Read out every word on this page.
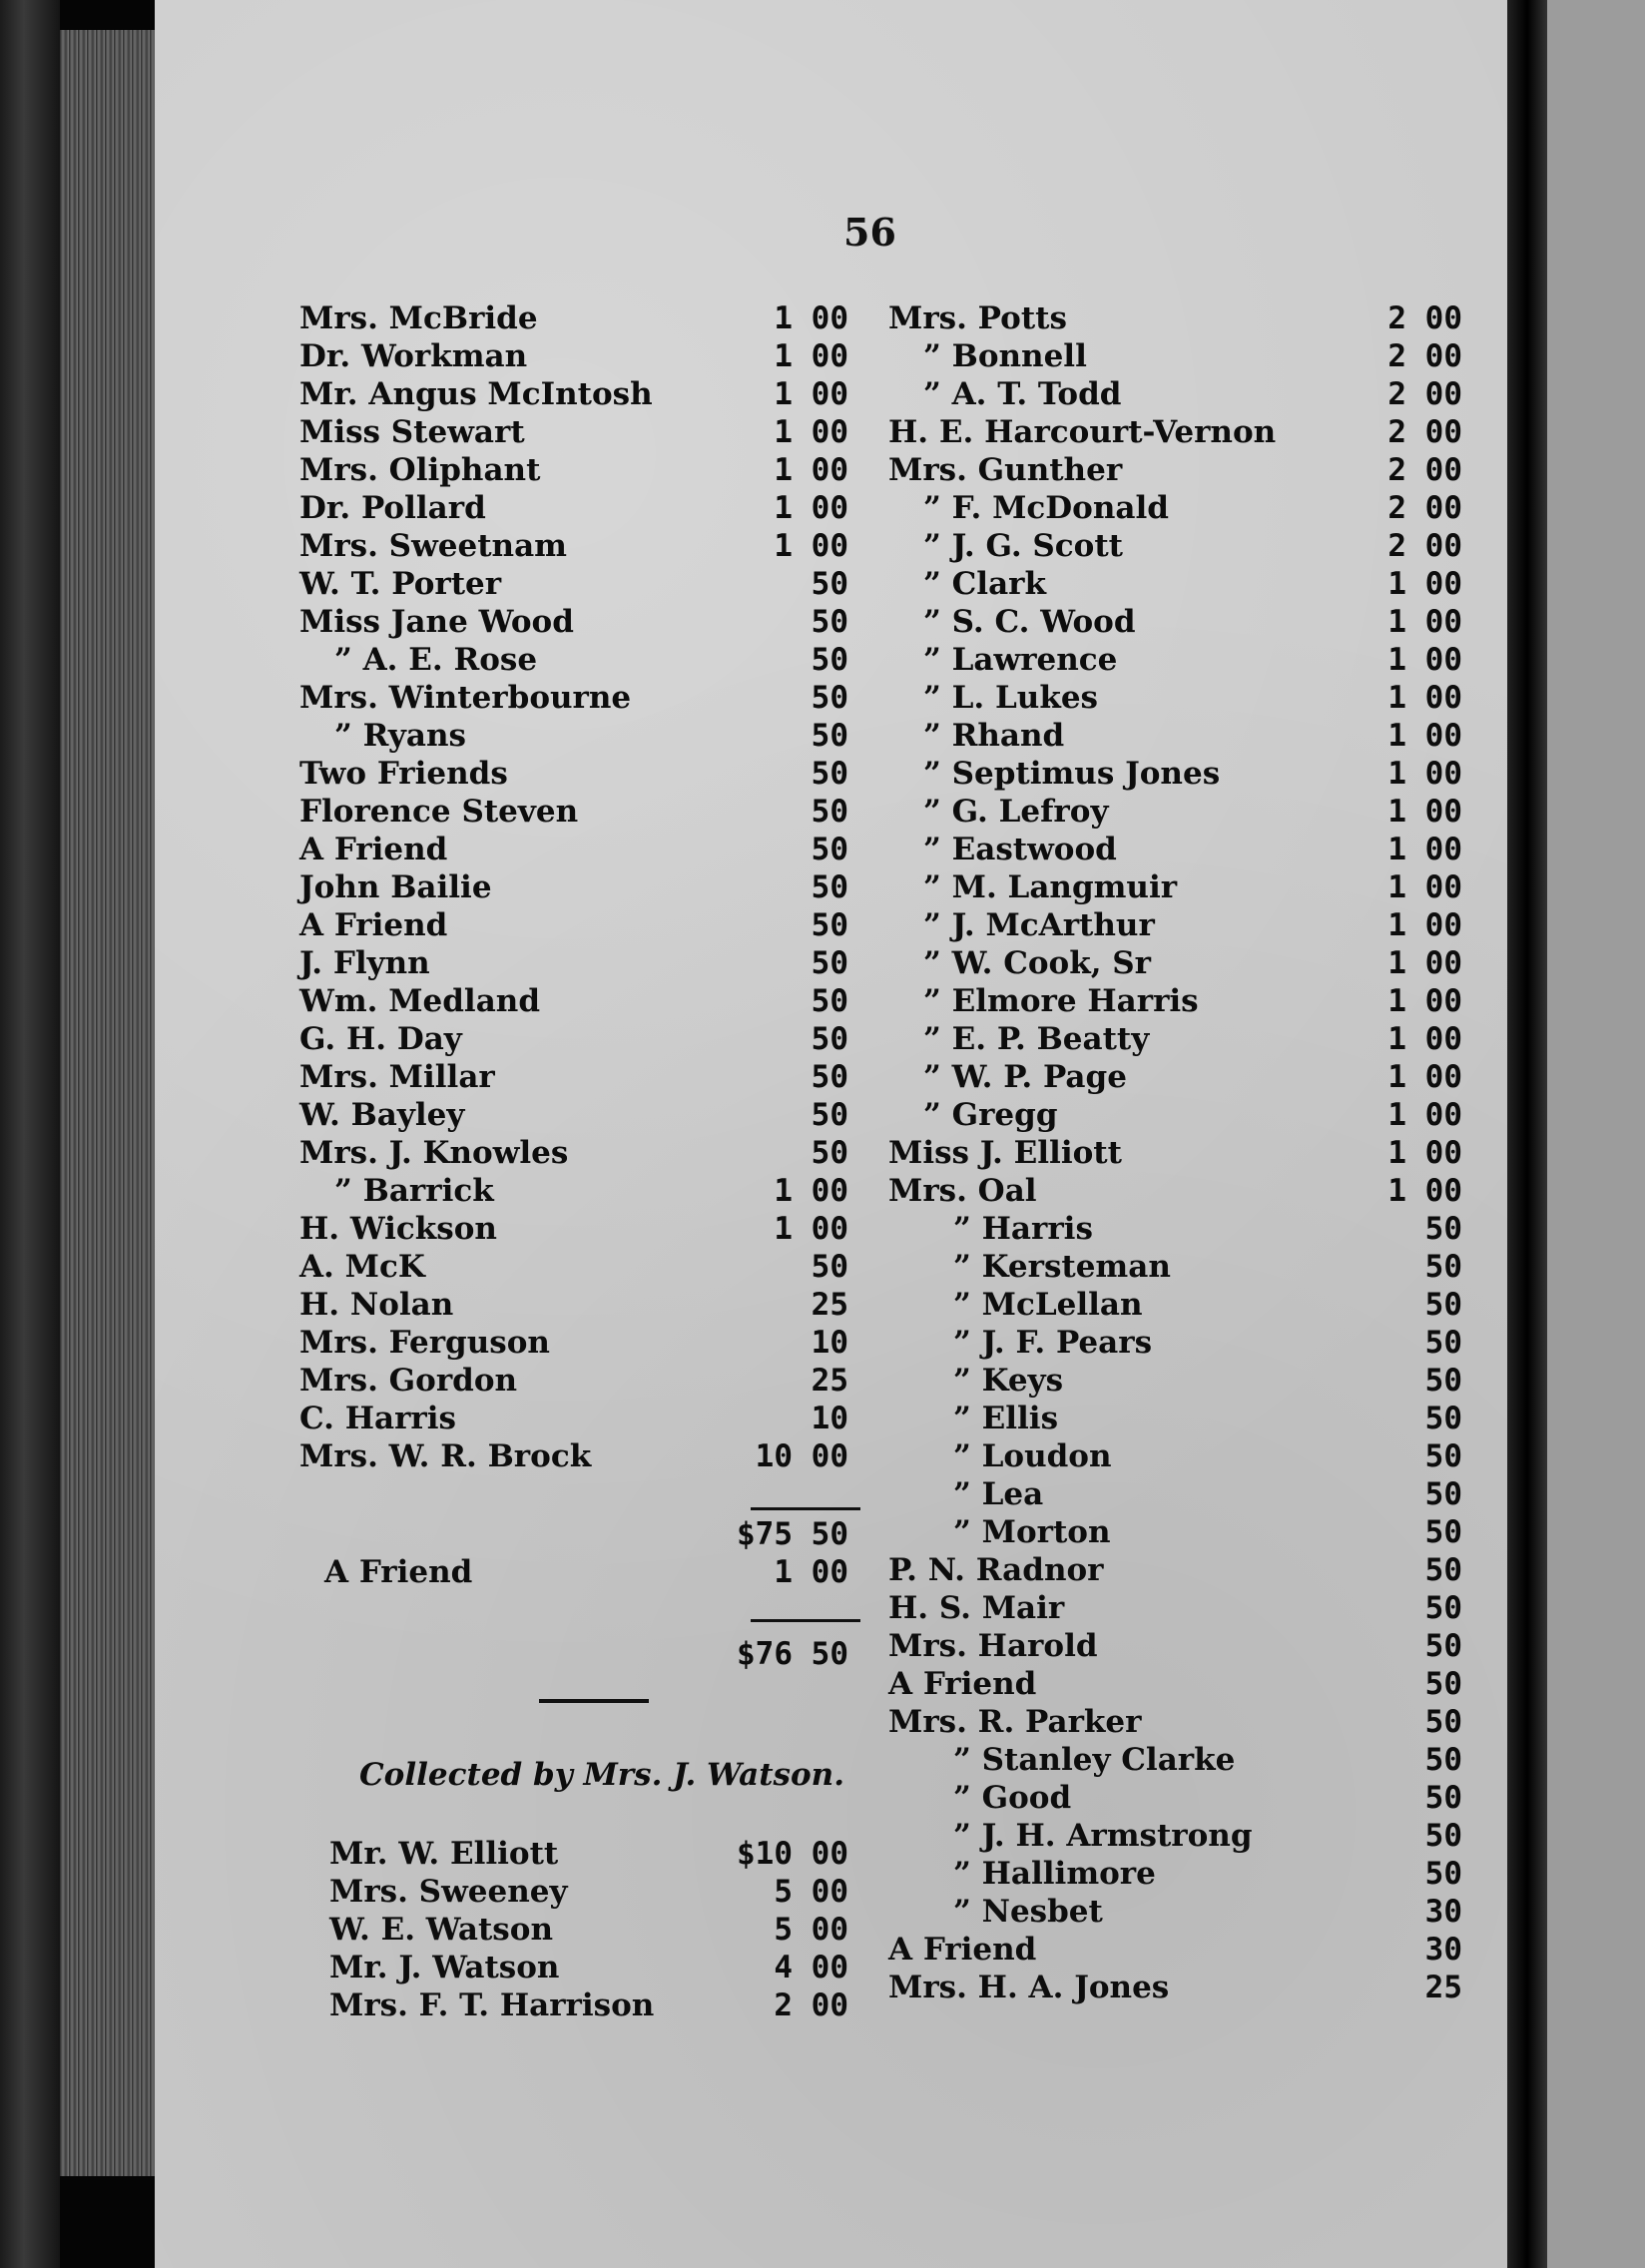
56
Mrs. McBride	1 00
Dr. Workman	1 00
Mr. Angus McIntosh	1 00
Miss Stewart	1 00
Mrs. Oliphant	1 00
Dr. Pollard	1 00
Mrs. Sweetnam	1 00
W. T. Porter	50
Miss Jane Wood	50
” A. E. Rose	50
Mrs. Winterbourne	50
” Ryans	50
Two Friends	50
Florence Steven	50
A Friend	50
John Bailie	50
A Friend	50
J. Flynn	50
Wm. Medland	50
G. H. Day	50
Mrs. Millar	50
W. Bayley	50
Mrs. J. Knowles	50
” Barrick	1 00
H. Wickson	1 00
A. McK	50
H. Nolan	25
Mrs. Ferguson	10
Mrs. Gordon	25
C. Harris	10
Mrs. W. R. Brock	10 00
Mrs. Potts	2 00
” Bonnell	2 00
” A. T. Todd	2 00
H. E. Harcourt-Vernon	2 00
Mrs. Gunther	2 00
” F. McDonald	2 00
” J. G. Scott	2 00
” Clark	1 00
” S. C. Wood	1 00
” Lawrence	1 00
” L. Lukes	1 00
” Rhand	1 00
” Septimus Jones	1 00
” G. Lefroy	1 00
” Eastwood	1 00
” M. Langmuir	1 00
” J. McArthur	1 00
” W. Cook, Sr	1 00
” Elmore Harris	1 00
” E. P. Beatty	1 00
” W. P. Page	1 00
” Gregg	1 00
Miss J. Elliott	1 00
Mrs. Oal	1 00
” Harris	50
” Kersteman	50
” McLellan	50
” J. F. Pears	50
” Keys	50
” Ellis	50
” Loudon	50
” Lea	50
” Morton	50
P. N. Radnor	50
H. S. Mair	50
Mrs. Harold	50
A Friend	50
Mrs. R. Parker	50
” Stanley Clarke	50
” Good	50
” J. H. Armstrong	50
” Hallimore	50
” Nesbet	30
A Friend	30
Mrs. H. A. Jones	25
$75 50
A Friend	1 00
$76 50
Collected by Mrs. J. Watson.
Mr. W. Elliott	$10 00
Mrs. Sweeney	5 00
W. E. Watson	5 00
Mr. J. Watson	4 00
Mrs. F. T. Harrison	2 00
